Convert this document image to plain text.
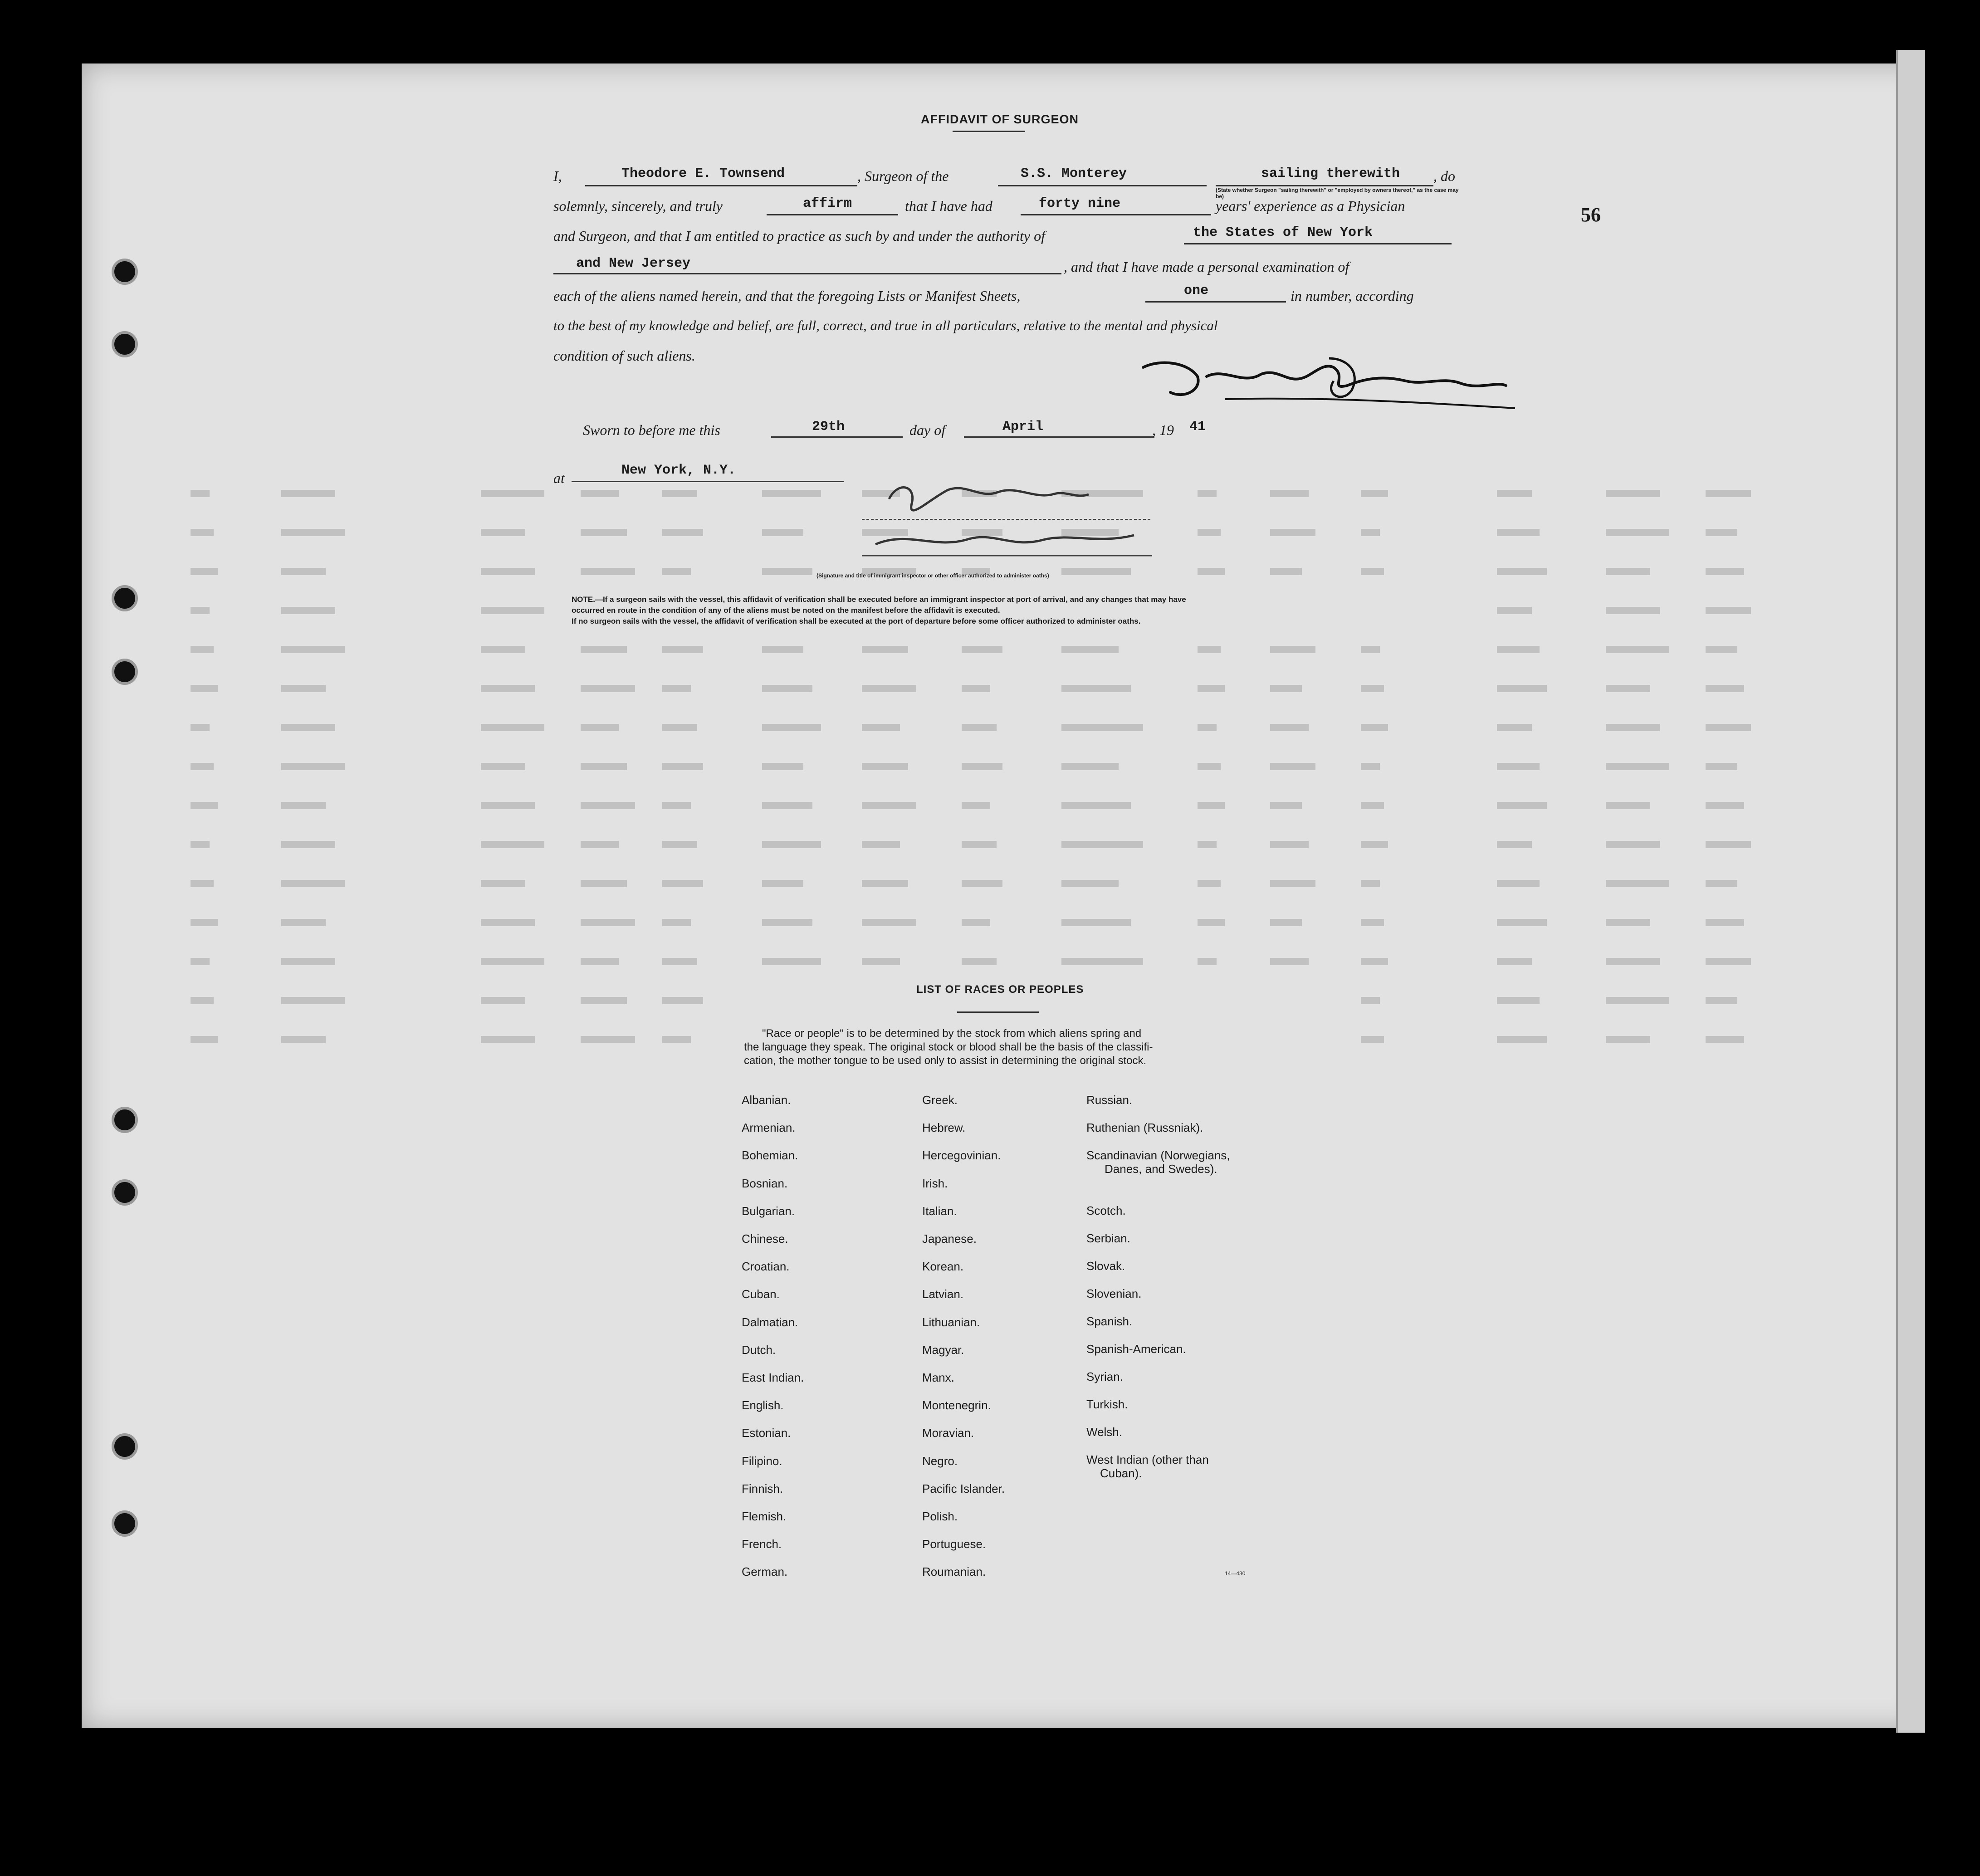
56
AFFIDAVIT OF SURGEON
I,	Theodore E. Townsend	, Surgeon of the	S.S. Monterey	sailing therewith , do
(State whether Surgeon "sailing therewith" or "employed by owners thereof," as the case may be)
solemnly, sincerely, and truly	affirm	that I have had	forty nine	years' experience as a Physician
and Surgeon, and that I am entitled to practice as such by and under the authority of	the States of New York
and New Jersey	, and that I have made a personal examination of
each of the aliens named herein, and that the foregoing Lists or Manifest Sheets,	one	in number, according
to the best of my knowledge and belief, are full, correct, and true in all particulars, relative to the mental and physical
condition of such aliens.
Sworn to before me this	29th	day of	April	, 19 41
at	New York, N.Y.
(Signature and title of immigrant inspector or other officer authorized to administer oaths)
NOTE.—If a surgeon sails with the vessel, this affidavit of verification shall be executed before an immigrant inspector at port of arrival, and any changes that may have
occurred en route in the condition of any of the aliens must be noted on the manifest before the affidavit is executed.
If no surgeon sails with the vessel, the affidavit of verification shall be executed at the port of departure before some officer authorized to administer oaths.
LIST OF RACES OR PEOPLES
"Race or people" is to be determined by the stock from which aliens spring and
the language they speak. The original stock or blood shall be the basis of the classifi-
cation, the mother tongue to be used only to assist in determining the original stock.
Albanian.
Armenian.
Bohemian.
Bosnian.
Bulgarian.
Chinese.
Croatian.
Cuban.
Dalmatian.
Dutch.
East Indian.
English.
Estonian.
Filipino.
Finnish.
Flemish.
French.
German.
Greek.
Hebrew.
Hercegovinian.
Irish.
Italian.
Japanese.
Korean.
Latvian.
Lithuanian.
Magyar.
Manx.
Montenegrin.
Moravian.
Negro.
Pacific Islander.
Polish.
Portuguese.
Roumanian.
Russian.
Ruthenian (Russniak).
Scandinavian (Norwegians,
Danes, and Swedes).
Scotch.
Serbian.
Slovak.
Slovenian.
Spanish.
Spanish-American.
Syrian.
Turkish.
Welsh.
West Indian (other than
Cuban).
14—430
